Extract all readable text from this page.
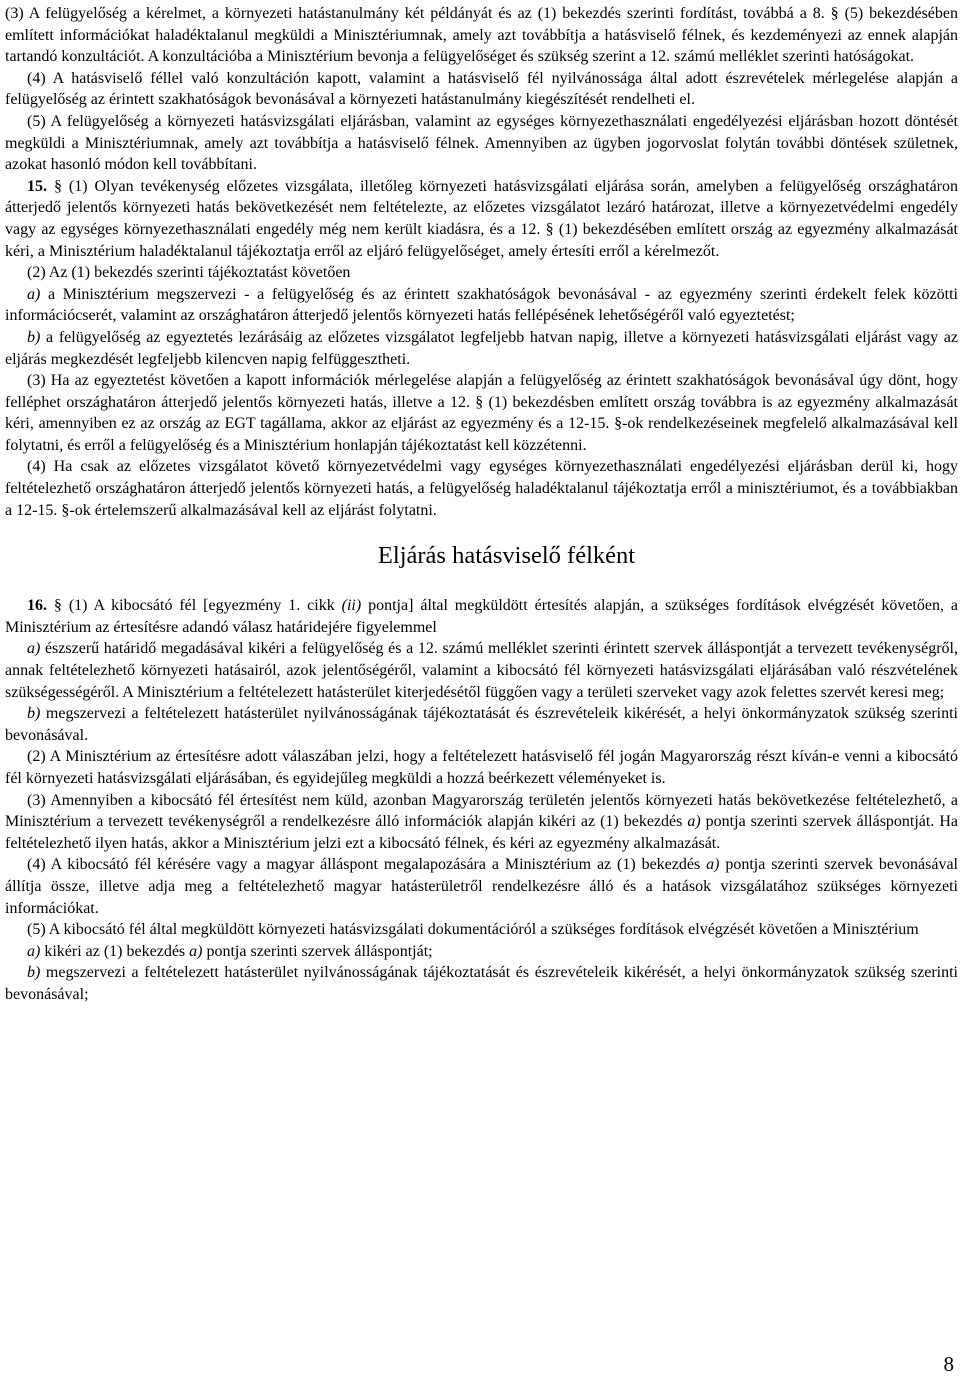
(3) A felügyelőség a kérelmet, a környezeti hatástanulmány két példányát és az (1) bekezdés szerinti fordítást, továbbá a 8. § (5) bekezdésében említett információkat haladéktalanul megküldi a Minisztériumnak, amely azt továbbítja a hatásviselő félnek, és kezdeményezi az ennek alapján tartandó konzultációt. A konzultációba a Minisztérium bevonja a felügyelőséget és szükség szerint a 12. számú melléklet szerinti hatóságokat.

(4) A hatásviselő féllel való konzultáción kapott, valamint a hatásviselő fél nyilvánossága által adott észrevételek mérlegelése alapján a felügyelőség az érintett szakhatóságok bevonásával a környezeti hatástanulmány kiegészítését rendelheti el.

(5) A felügyelőség a környezeti hatásvizsgálati eljárásban, valamint az egységes környezethasználati engedélyezési eljárásban hozott döntését megküldi a Minisztériumnak, amely azt továbbítja a hatásviselő félnek. Amennyiben az ügyben jogorvoslat folytán további döntések születnek, azokat hasonló módon kell továbbítani.

15. § (1) Olyan tevékenység előzetes vizsgálata, illetőleg környezeti hatásvizsgálati eljárása során, amelyben a felügyelőség országhatáron átterjedő jelentős környezeti hatás bekövetkezését nem feltételezte, az előzetes vizsgálatot lezáró határozat, illetve a környezetvédelmi engedély vagy az egységes környezethasználati engedély még nem került kiadásra, és a 12. § (1) bekezdésében említett ország az egyezmény alkalmazását kéri, a Minisztérium haladéktalanul tájékoztatja erről az eljáró felügyelőséget, amely értesíti erről a kérelmezőt.

(2) Az (1) bekezdés szerinti tájékoztatást követően

a) a Minisztérium megszervezi - a felügyelőség és az érintett szakhatóságok bevonásával - az egyezmény szerinti érdekelt felek közötti információcserét, valamint az országhatáron átterjedő jelentős környezeti hatás fellépésének lehetőségéről való egyeztetést;

b) a felügyelőség az egyeztetés lezárásáig az előzetes vizsgálatot legfeljebb hatvan napig, illetve a környezeti hatásvizsgálati eljárást vagy az eljárás megkezdését legfeljebb kilencven napig felfüggesztheti.

(3) Ha az egyeztetést követően a kapott információk mérlegelése alapján a felügyelőség az érintett szakhatóságok bevonásával úgy dönt, hogy felléphet országhatáron átterjedő jelentős környezeti hatás, illetve a 12. § (1) bekezdésben említett ország továbbra is az egyezmény alkalmazását kéri, amennyiben ez az ország az EGT tagállama, akkor az eljárást az egyezmény és a 12-15. §-ok rendelkezéseinek megfelelő alkalmazásával kell folytatni, és erről a felügyelőség és a Minisztérium honlapján tájékoztatást kell közzétenni.

(4) Ha csak az előzetes vizsgálatot követő környezetvédelmi vagy egységes környezethasználati engedélyezési eljárásban derül ki, hogy feltételezhető országhatáron átterjedő jelentős környezeti hatás, a felügyelőség haladéktalanul tájékoztatja erről a minisztériumot, és a továbbiakban a 12-15. §-ok értelemszerű alkalmazásával kell az eljárást folytatni.

Eljárás hatásviselő félként

16. § (1) A kibocsátó fél [egyezmény 1. cikk (ii) pontja] által megküldött értesítés alapján, a szükséges fordítások elvégzését követően, a Minisztérium az értesítésre adandó válasz határidejére figyelemmel

a) észszerű határidő megadásával kikéri a felügyelőség és a 12. számú melléklet szerinti érintett szervek álláspontját a tervezett tevékenységről, annak feltételezhető környezeti hatásairól, azok jelentőségéről, valamint a kibocsátó fél környezeti hatásvizsgálati eljárásában való részvételének szükségességéről. A Minisztérium a feltételezett hatásterület kiterjedésétől függően vagy a területi szerveket vagy azok felettes szervét keresi meg;

b) megszervezi a feltételezett hatásterület nyilvánosságának tájékoztatását és észrevételeik kikérését, a helyi önkormányzatok szükség szerinti bevonásával.

(2) A Minisztérium az értesítésre adott válaszában jelzi, hogy a feltételezett hatásviselő fél jogán Magyarország részt kíván-e venni a kibocsátó fél környezeti hatásvizsgálati eljárásában, és egyidejűleg megküldi a hozzá beérkezett véleményeket is.

(3) Amennyiben a kibocsátó fél értesítést nem küld, azonban Magyarország területén jelentős környezeti hatás bekövetkezése feltételezhető, a Minisztérium a tervezett tevékenységről a rendelkezésre álló információk alapján kikéri az (1) bekezdés a) pontja szerinti szervek álláspontját. Ha feltételezhető ilyen hatás, akkor a Minisztérium jelzi ezt a kibocsátó félnek, és kéri az egyezmény alkalmazását.

(4) A kibocsátó fél kérésére vagy a magyar álláspont megalapozására a Minisztérium az (1) bekezdés a) pontja szerinti szervek bevonásával állítja össze, illetve adja meg a feltételezhető magyar hatásterületről rendelkezésre álló és a hatások vizsgálatához szükséges környezeti információkat.

(5) A kibocsátó fél által megküldött környezeti hatásvizsgálati dokumentációról a szükséges fordítások elvégzését követően a Minisztérium

a) kikéri az (1) bekezdés a) pontja szerinti szervek álláspontját;

b) megszervezi a feltételezett hatásterület nyilvánosságának tájékoztatását és észrevételeik kikérését, a helyi önkormányzatok szükség szerinti bevonásával;

8
